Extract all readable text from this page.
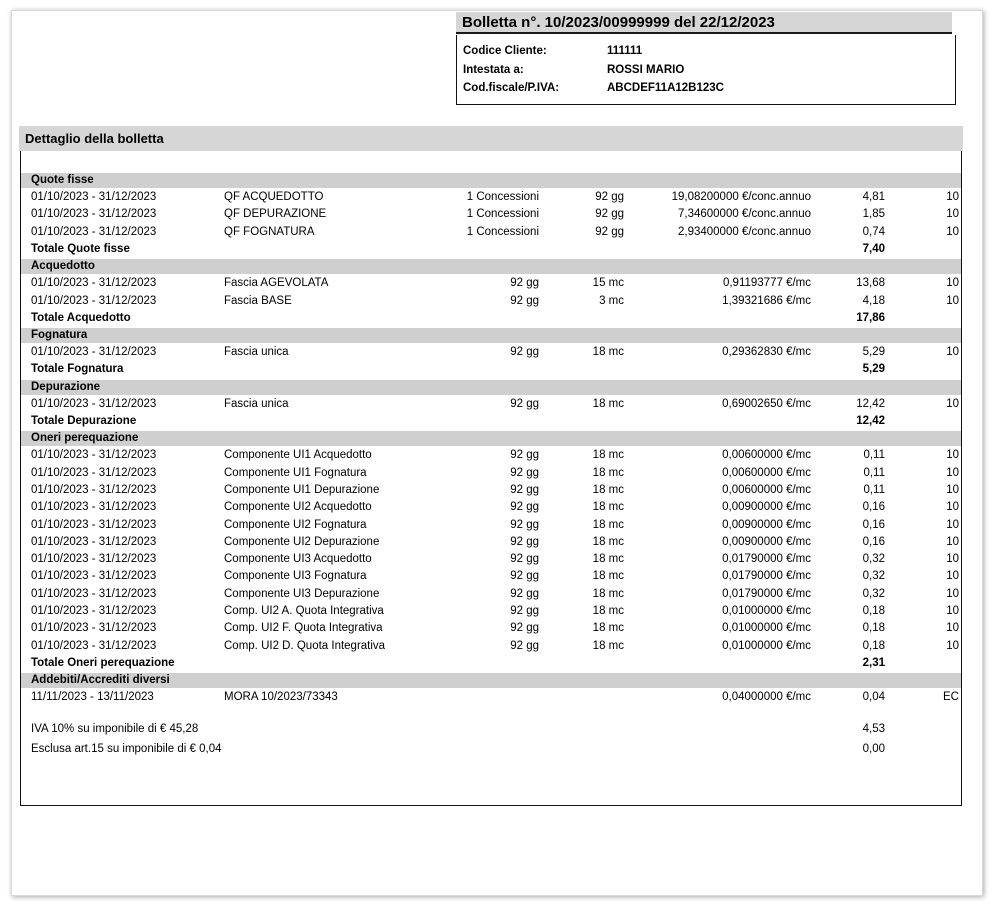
Bolletta n°. 10/2023/00999999 del 22/12/2023
Codice Cliente:	111111
Intestata a:	ROSSI MARIO
Cod.fiscale/P.IVA:	ABCDEF11A12B123C
Dettaglio della bolletta
Quote fisse
01/10/2023 - 31/12/2023	QF ACQUEDOTTO	1 Concessioni	92 gg	19,08200000 €/conc.annuo	4,81	10
01/10/2023 - 31/12/2023	QF DEPURAZIONE	1 Concessioni	92 gg	7,34600000 €/conc.annuo	1,85	10
01/10/2023 - 31/12/2023	QF FOGNATURA	1 Concessioni	92 gg	2,93400000 €/conc.annuo	0,74	10
Totale Quote fisse	7,40
Acquedotto
01/10/2023 - 31/12/2023	Fascia AGEVOLATA	92 gg	15 mc	0,91193777 €/mc	13,68	10
01/10/2023 - 31/12/2023	Fascia BASE	92 gg	3 mc	1,39321686 €/mc	4,18	10
Totale Acquedotto	17,86
Fognatura
01/10/2023 - 31/12/2023	Fascia unica	92 gg	18 mc	0,29362830 €/mc	5,29	10
Totale Fognatura	5,29
Depurazione
01/10/2023 - 31/12/2023	Fascia unica	92 gg	18 mc	0,69002650 €/mc	12,42	10
Totale Depurazione	12,42
Oneri perequazione
01/10/2023 - 31/12/2023	Componente UI1 Acquedotto	92 gg	18 mc	0,00600000 €/mc	0,11	10
01/10/2023 - 31/12/2023	Componente UI1 Fognatura	92 gg	18 mc	0,00600000 €/mc	0,11	10
01/10/2023 - 31/12/2023	Componente UI1 Depurazione	92 gg	18 mc	0,00600000 €/mc	0,11	10
01/10/2023 - 31/12/2023	Componente UI2 Acquedotto	92 gg	18 mc	0,00900000 €/mc	0,16	10
01/10/2023 - 31/12/2023	Componente UI2 Fognatura	92 gg	18 mc	0,00900000 €/mc	0,16	10
01/10/2023 - 31/12/2023	Componente UI2 Depurazione	92 gg	18 mc	0,00900000 €/mc	0,16	10
01/10/2023 - 31/12/2023	Componente UI3 Acquedotto	92 gg	18 mc	0,01790000 €/mc	0,32	10
01/10/2023 - 31/12/2023	Componente UI3 Fognatura	92 gg	18 mc	0,01790000 €/mc	0,32	10
01/10/2023 - 31/12/2023	Componente UI3 Depurazione	92 gg	18 mc	0,01790000 €/mc	0,32	10
01/10/2023 - 31/12/2023	Comp. UI2 A. Quota Integrativa	92 gg	18 mc	0,01000000 €/mc	0,18	10
01/10/2023 - 31/12/2023	Comp. UI2 F. Quota Integrativa	92 gg	18 mc	0,01000000 €/mc	0,18	10
01/10/2023 - 31/12/2023	Comp. UI2 D. Quota Integrativa	92 gg	18 mc	0,01000000 €/mc	0,18	10
Totale Oneri perequazione	2,31
Addebiti/Accrediti diversi
11/11/2023 - 13/11/2023	MORA 10/2023/73343	0,04000000 €/mc	0,04	EC
IVA 10% su imponibile di € 45,28	4,53
Esclusa art.15 su imponibile di € 0,04	0,00
